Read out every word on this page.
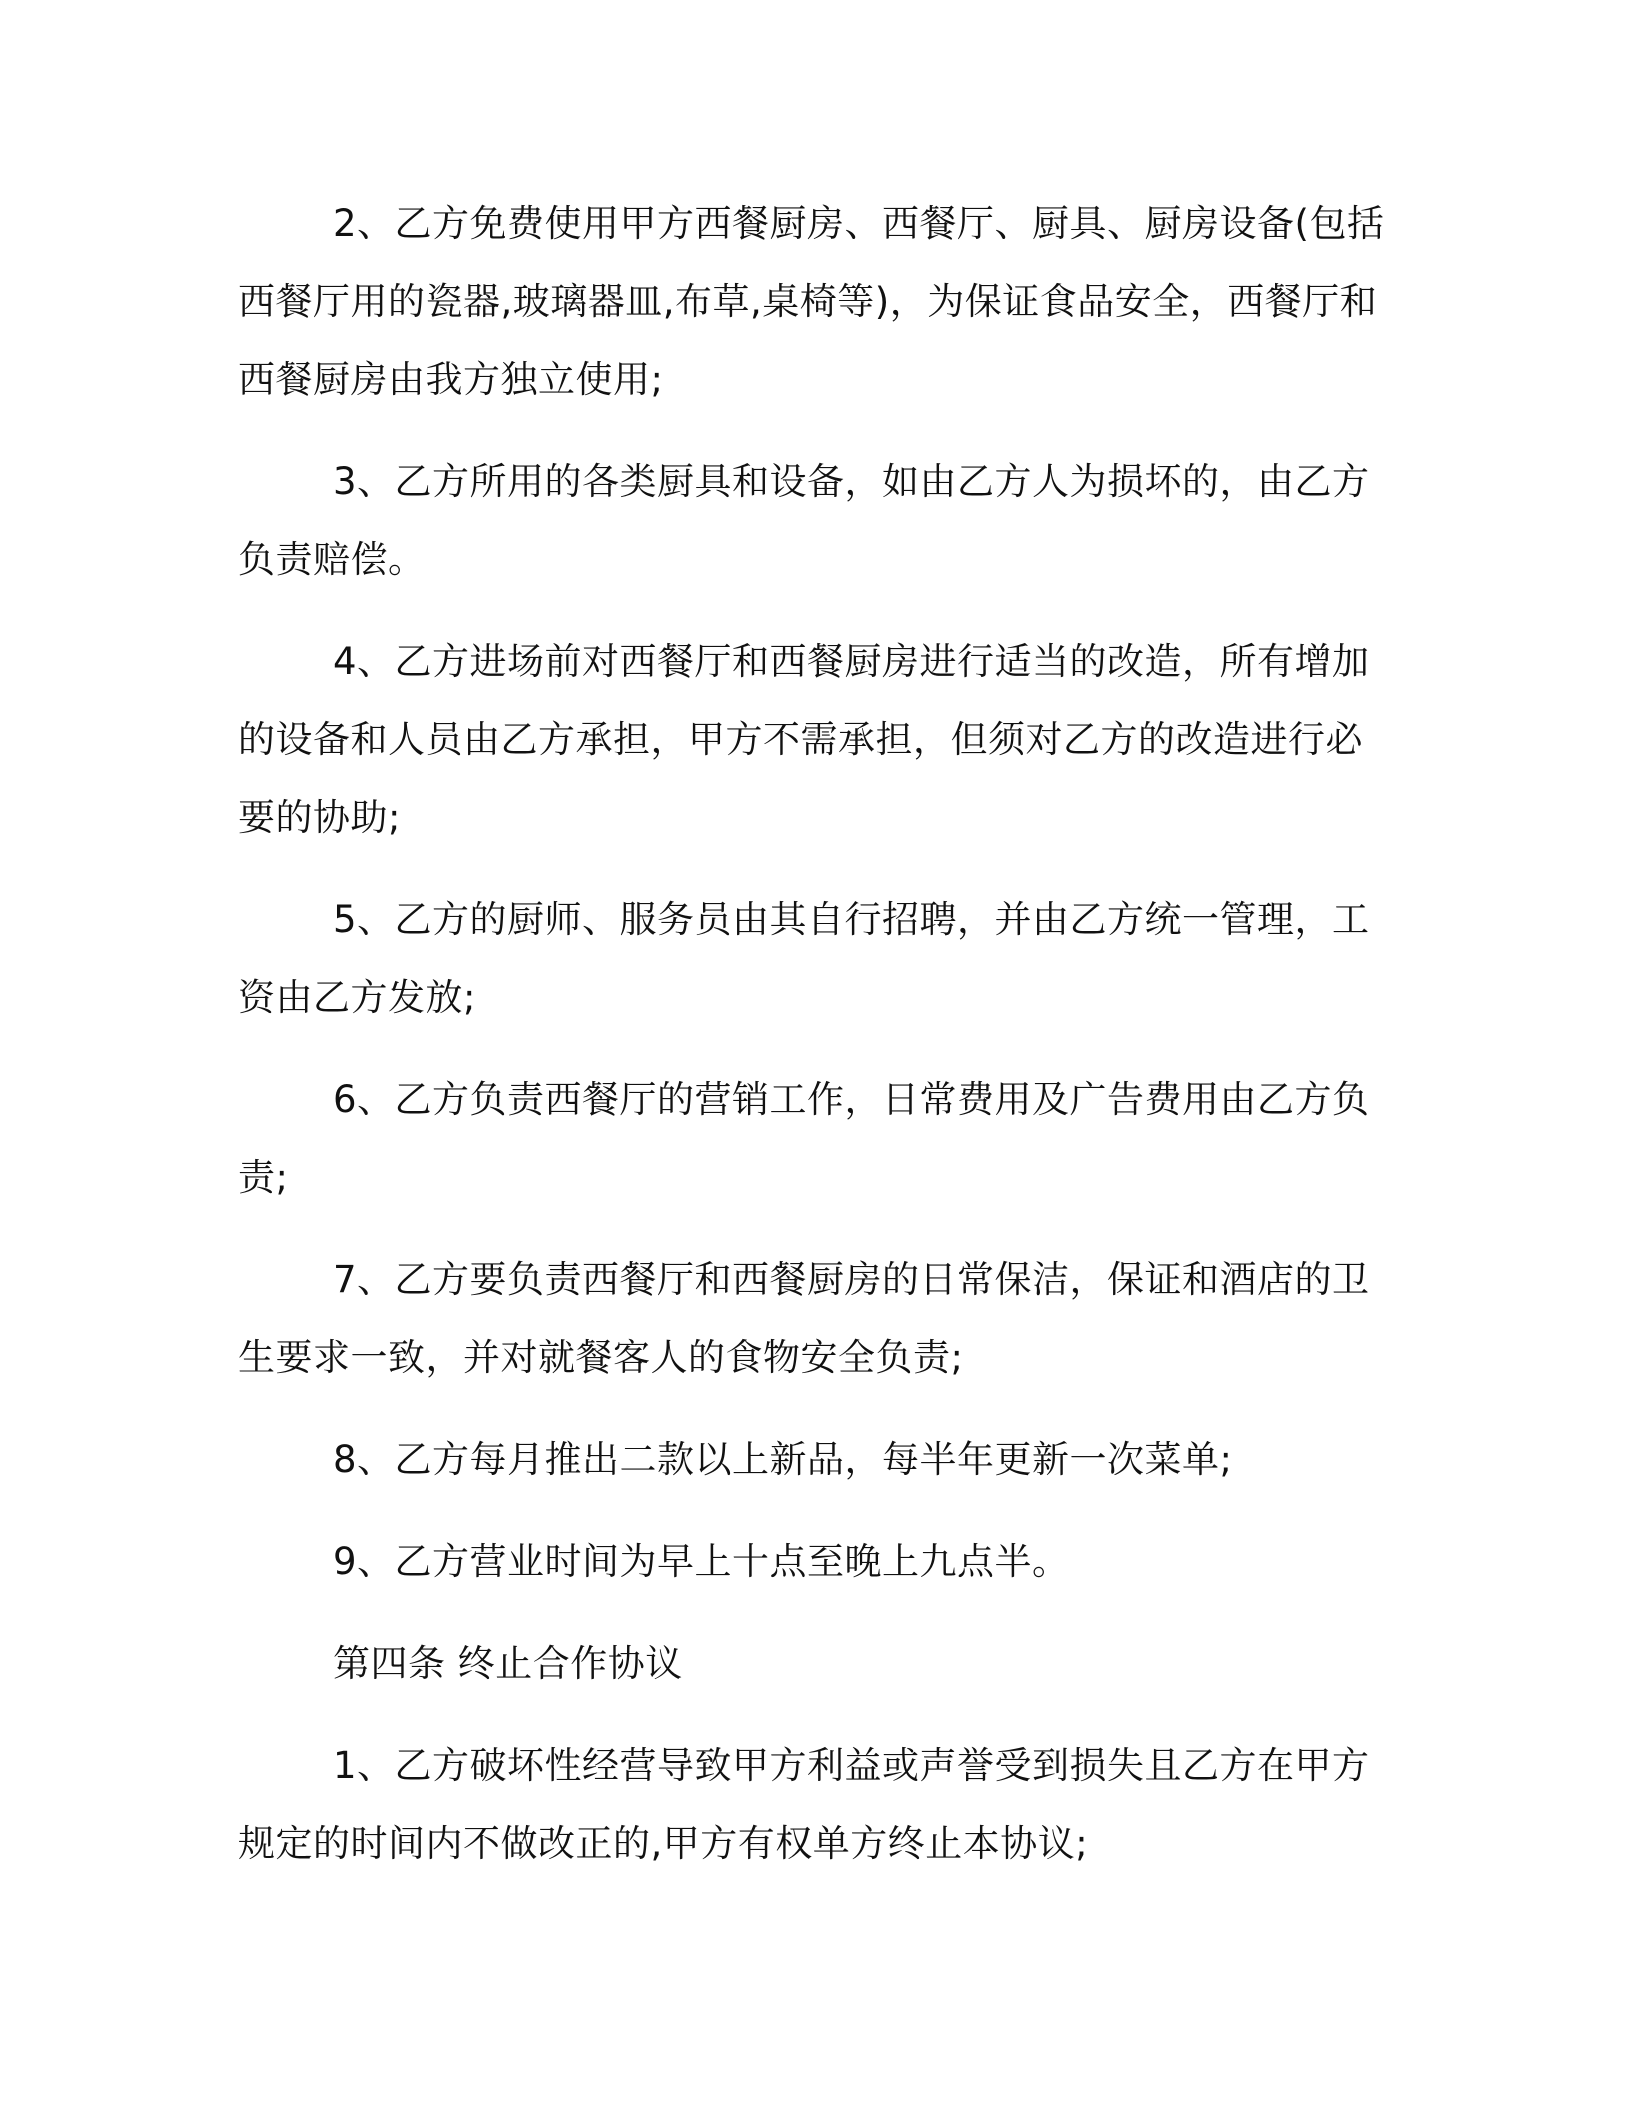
2、乙方免费使用甲方西餐厨房、西餐厅、厨具、厨房设备(包括西餐厅用的瓷器,玻璃器皿,布草,桌椅等)，为保证食品安全，西餐厅和西餐厨房由我方独立使用;

3、乙方所用的各类厨具和设备，如由乙方人为损坏的，由乙方负责赔偿。

4、乙方进场前对西餐厅和西餐厨房进行适当的改造，所有增加的设备和人员由乙方承担，甲方不需承担，但须对乙方的改造进行必要的协助;

5、乙方的厨师、服务员由其自行招聘，并由乙方统一管理，工资由乙方发放;

6、乙方负责西餐厅的营销工作，日常费用及广告费用由乙方负责;

7、乙方要负责西餐厅和西餐厨房的日常保洁，保证和酒店的卫生要求一致，并对就餐客人的食物安全负责;

8、乙方每月推出二款以上新品，每半年更新一次菜单;

9、乙方营业时间为早上十点至晚上九点半。

第四条 终止合作协议

1、乙方破坏性经营导致甲方利益或声誉受到损失且乙方在甲方规定的时间内不做改正的,甲方有权单方终止本协议;
